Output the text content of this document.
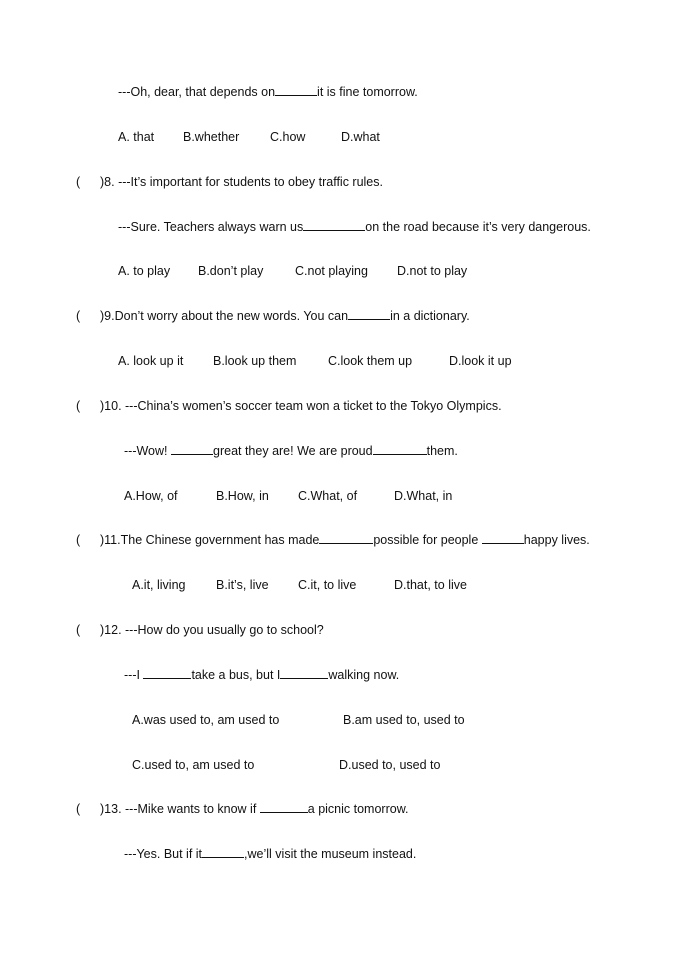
---Oh, dear, that depends on	it is fine tomorrow.
A. that B.whether C.how	D.what
( )8. ---It’s important for students to obey traffic rules.
---Sure. Teachers always warn us	on the road because it’s very dangerous.
A. to play B.don’t play	C.not playing D.not to play
( )9.Don’t worry about the new words. You can	in a dictionary.
A. look up it B.look up them	C.look them up	D.look it up
( )10. ---China’s women’s soccer team won a ticket to the Tokyo Olympics.
---Wow!	great they are! We are proud	them.
A.How, of	B.How, in C.What, of	D.What, in
( )11.The Chinese government has made	possible for people	happy lives.
A.it, living B.it’s, live C.it, to live	D.that, to live
( )12. ---How do you usually go to school?
---I	take a bus, but I	walking now.
A.was used to, am used to	B.am used to, used to
C.used to, am used to	D.used to, used to
( )13. ---Mike wants to know if	a picnic tomorrow.
---Yes. But if it	,we’ll visit the museum instead.
